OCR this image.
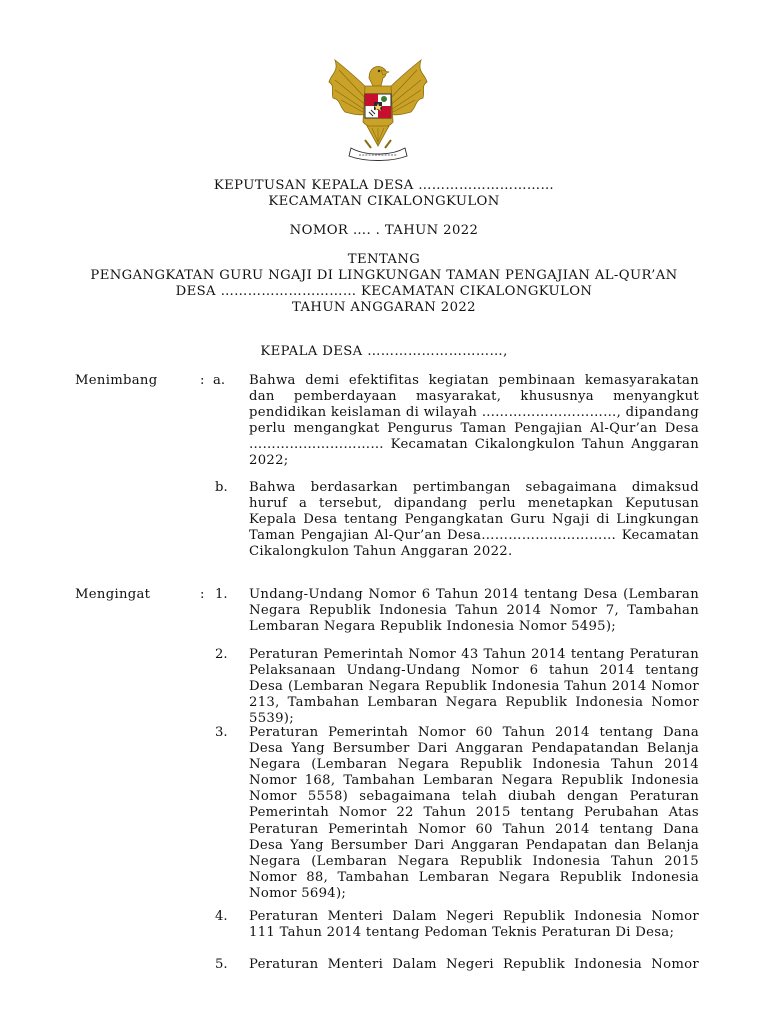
KEPUTUSAN KEPALA DESA …………………………
KECAMATAN CIKALONGKULON
NOMOR …. . TAHUN 2022
TENTANG
PENGANGKATAN GURU NGAJI DI LINGKUNGAN TAMAN PENGAJIAN AL-QUR’AN
DESA ………………………… KECAMATAN CIKALONGKULON
TAHUN ANGGARAN 2022
KEPALA DESA …………………………,
Menimbang	: a. Bahwa demi efektifitas kegiatan pembinaan kemasyarakatan dan pemberdayaan masyarakat, khususnya menyangkut pendidikan keislaman di wilayah …………………………, dipandang perlu mengangkat Pengurus Taman Pengajian Al-Qur’an Desa ………………………… Kecamatan Cikalongkulon Tahun Anggaran 2022;
b. Bahwa berdasarkan pertimbangan sebagaimana dimaksud huruf a tersebut, dipandang perlu menetapkan Keputusan Kepala Desa tentang Pengangkatan Guru Ngaji di Lingkungan Taman Pengajian Al-Qur’an Desa………………………… Kecamatan Cikalongkulon Tahun Anggaran 2022.
Mengingat	: 1. Undang-Undang Nomor 6 Tahun 2014 tentang Desa (Lembaran Negara Republik Indonesia Tahun 2014 Nomor 7, Tambahan Lembaran Negara Republik Indonesia Nomor 5495);
2. Peraturan Pemerintah Nomor 43 Tahun 2014 tentang Peraturan Pelaksanaan Undang-Undang Nomor 6 tahun 2014 tentang Desa (Lembaran Negara Republik Indonesia Tahun 2014 Nomor 213, Tambahan Lembaran Negara Republik Indonesia Nomor 5539);
3. Peraturan Pemerintah Nomor 60 Tahun 2014 tentang Dana Desa Yang Bersumber Dari Anggaran Pendapatandan Belanja Negara (Lembaran Negara Republik Indonesia Tahun 2014 Nomor 168, Tambahan Lembaran Negara Republik Indonesia Nomor 5558) sebagaimana telah diubah dengan Peraturan Pemerintah Nomor 22 Tahun 2015 tentang Perubahan Atas Peraturan Pemerintah Nomor 60 Tahun 2014 tentang Dana Desa Yang Bersumber Dari Anggaran Pendapatan dan Belanja Negara (Lembaran Negara Republik Indonesia Tahun 2015 Nomor 88, Tambahan Lembaran Negara Republik Indonesia Nomor 5694);
4. Peraturan Menteri Dalam Negeri Republik Indonesia Nomor 111 Tahun 2014 tentang Pedoman Teknis Peraturan Di Desa;
5. Peraturan Menteri Dalam Negeri Republik Indonesia Nomor
